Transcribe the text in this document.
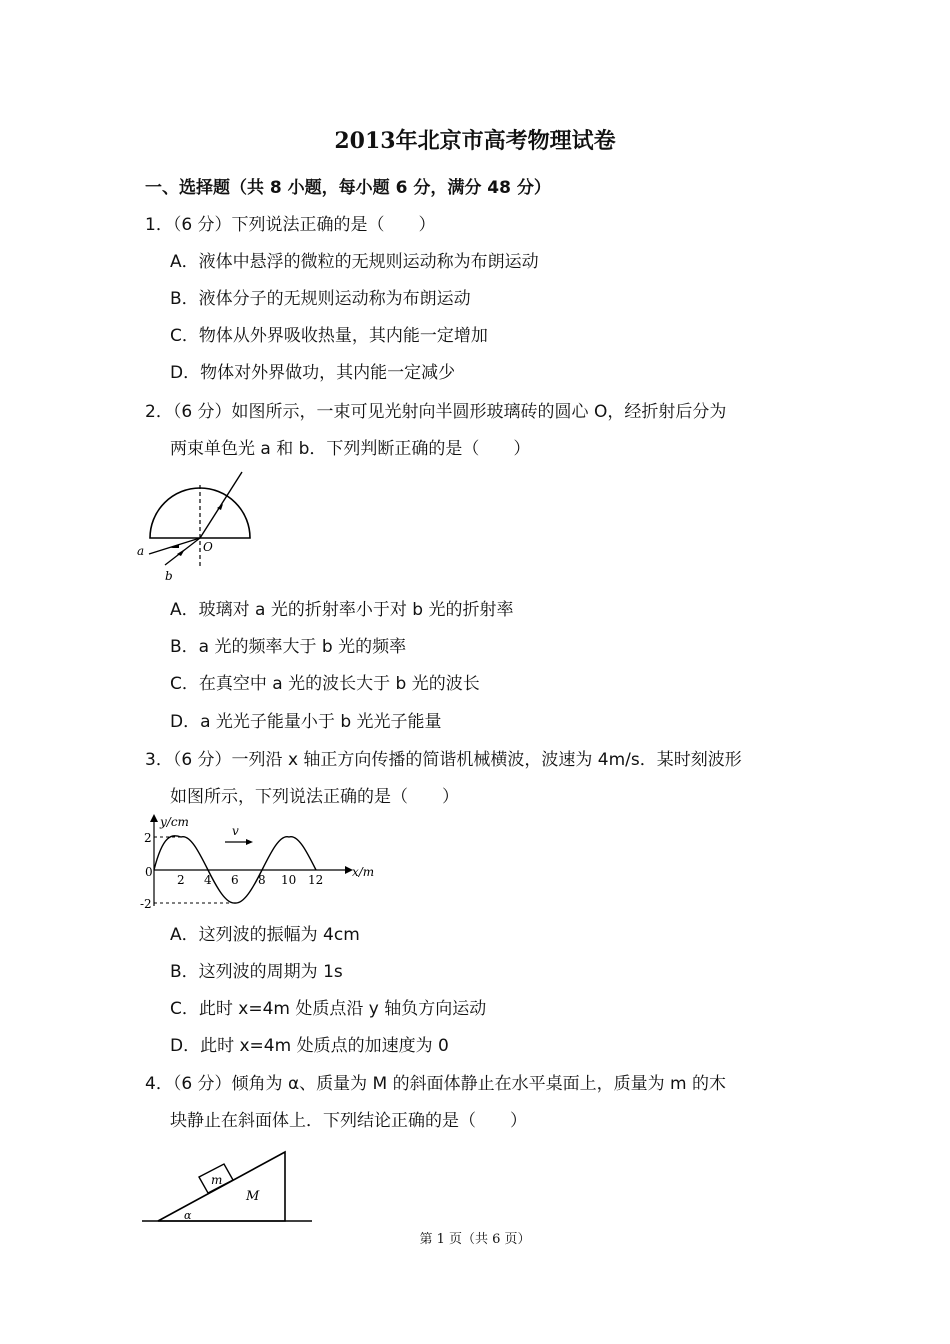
2013年北京市高考物理试卷
一、选择题（共 8 小题，每小题 6 分，满分 48 分）
1．（6 分）下列说法正确的是（　　）
A．液体中悬浮的微粒的无规则运动称为布朗运动
B．液体分子的无规则运动称为布朗运动
C．物体从外界吸收热量，其内能一定增加
D．物体对外界做功，其内能一定减少
2．（6 分）如图所示，一束可见光射向半圆形玻璃砖的圆心 O，经折射后分为
两束单色光 a 和 b．下列判断正确的是（　　）
a
b
O
A．玻璃对 a 光的折射率小于对 b 光的折射率
B．a 光的频率大于 b 光的频率
C．在真空中 a 光的波长大于 b 光的波长
D．a 光光子能量小于 b 光光子能量
3．（6 分）一列沿 x 轴正方向传播的简谐机械横波，波速为 4m/s．某时刻波形
如图所示，下列说法正确的是（　　）
v
y/cm
x/m
2
0
-2
2 4 6 8 10 12
A．这列波的振幅为 4cm
B．这列波的周期为 1s
C．此时 x=4m 处质点沿 y 轴负方向运动
D．此时 x=4m 处质点的加速度为 0
4．（6 分）倾角为 α、质量为 M 的斜面体静止在水平桌面上，质量为 m 的木
块静止在斜面体上．下列结论正确的是（　　）
m
M
α
第 1 页（共 6 页）
